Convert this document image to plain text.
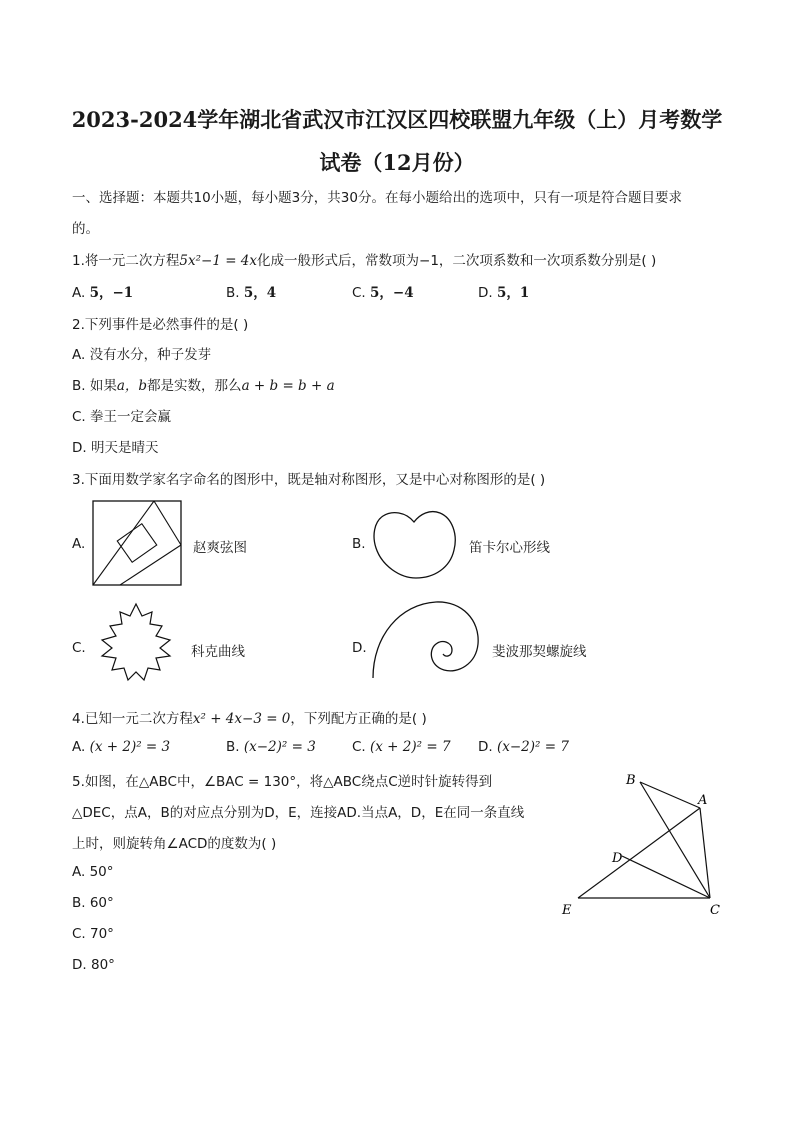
2023-2024学年湖北省武汉市江汉区四校联盟九年级（上）月考数学
试卷（12月份）
一、选择题：本题共10小题，每小题3分，共30分。在每小题给出的选项中，只有一项是符合题目要求
的。
1.将一元二次方程5x²−1 = 4x化成一般形式后，常数项为−1，二次项系数和一次项系数分别是( )
A. 5，−1	B. 5，4	C. 5，−4	D. 5，1
2.下列事件是必然事件的是( )
A. 没有水分，种子发芽
B. 如果a，b都是实数，那么a + b = b + a
C. 拳王一定会赢
D. 明天是晴天
3.下面用数学家名字命名的图形中，既是轴对称图形，又是中心对称图形的是( )
A.	赵爽弦图	B.	笛卡尔心形线
C.	科克曲线	D.	斐波那契螺旋线
4.已知一元二次方程x² + 4x−3 = 0，下列配方正确的是( )
A. (x + 2)² = 3	B. (x−2)² = 3	C. (x + 2)² = 7 D. (x−2)² = 7
5.如图，在△ABC中，∠BAC = 130°，将△ABC绕点C逆时针旋转得到
△DEC，点A，B的对应点分别为D，E，连接AD.当点A，D，E在同一条直线
上时，则旋转角∠ACD的度数为( )
A. 50°
B. 60°
C. 70°
D. 80°
B
A
C
D
E
